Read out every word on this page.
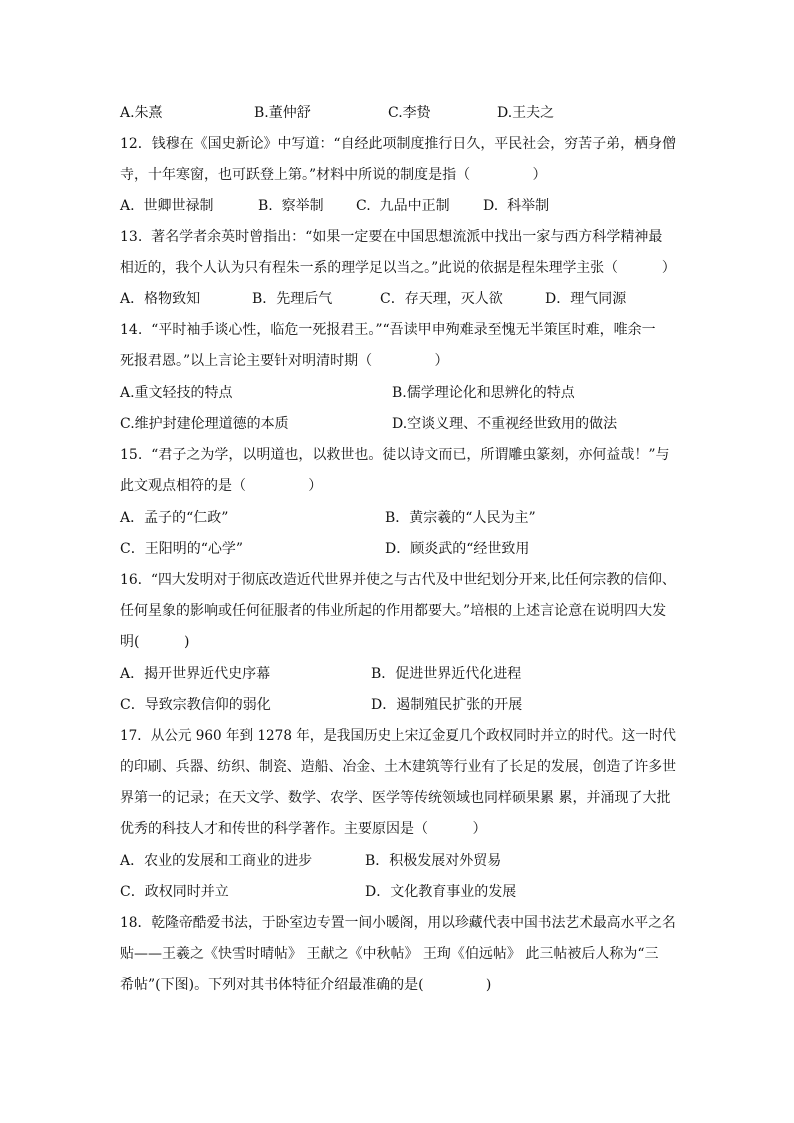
A.朱熹	B.董仲舒	C.李贽	D.王夫之
12．钱穆在《国史新论》中写道：“自经此项制度推行日久，平民社会，穷苦子弟，栖身僧
寺，十年寒窗，也可跃登上第。”材料中所说的制度是指（              ）
A.  世卿世禄制	B.  察举制 C.  九品中正制 D.  科举制
13.  著名学者余英时曾指出：“如果一定要在中国思想流派中找出一家与西方科学精神最
相近的，我个人认为只有程朱一系的理学足以当之。”此说的依据是程朱理学主张（          ）
A．格物致知	B．先理后气	C．存天理，灭人欲	D．理气同源
14.  “平时袖手谈心性，临危一死报君王。”“吾读甲申殉难录至愧无半策匡时难，唯余一
死报君恩。”以上言论主要针对明清时期（              ）
A.重文轻技的特点	B.儒学理论化和思辨化的特点
C.维护封建伦理道德的本质	D.空谈义理、不重视经世致用的做法
15.  “君子之为学，以明道也，以救世也。徒以诗文而已，所谓雕虫篆刻，亦何益哉！”与
此文观点相符的是（              ）
A．孟子的“仁政”	B．黄宗羲的“人民为主”
C．王阳明的“心学”	D．顾炎武的“经世致用
16.  “四大发明对于彻底改造近代世界并使之与古代及中世纪划分开来,比任何宗教的信仰、
任何星象的影响或任何征服者的伟业所起的作用都要大。”培根的上述言论意在说明四大发
明(          )
A．揭开世界近代史序幕	B．促进世界近代化进程
C．导致宗教信仰的弱化	D．遏制殖民扩张的开展
17．从公元 960 年到 1278 年，是我国历史上宋辽金夏几个政权同时并立的时代。这一时代
的印刷、兵器、纺织、制瓷、造船、冶金、土木建筑等行业有了长足的发展，创造了许多世
界第一的记录；在天文学、数学、农学、医学等传统领域也同样硕果累 累，并涌现了大批
优秀的科技人才和传世的科学著作。主要原因是（          ）
A．农业的发展和工商业的进步	B．积极发展对外贸易
C．政权同时并立	D．文化教育事业的发展
18．乾隆帝酷爱书法，于卧室边专置一间小暖阁，用以珍藏代表中国书法艺术最高水平之名
贴——王羲之《快雪时晴帖》 王献之《中秋帖》 王珣《伯远帖》 此三帖被后人称为“三
希帖”(下图)。下列对其书体特征介绍最准确的是(              )
